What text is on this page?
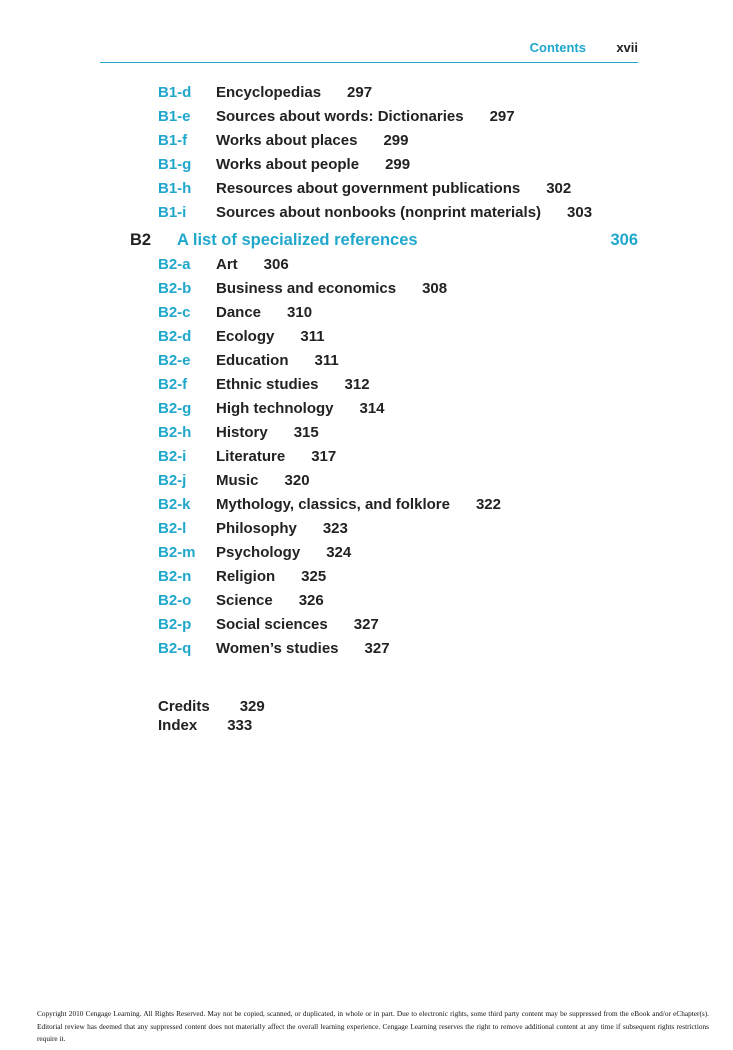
Contents xvii
B1-d Encyclopedias 297
B1-e Sources about words: Dictionaries 297
B1-f Works about places 299
B1-g Works about people 299
B1-h Resources about government publications 302
B1-i Sources about nonbooks (nonprint materials) 303
B2 A list of specialized references	306
B2-a Art 306
B2-b Business and economics 308
B2-c Dance 310
B2-d Ecology 311
B2-e Education 311
B2-f Ethnic studies 312
B2-g High technology 314
B2-h History 315
B2-i Literature 317
B2-j Music 320
B2-k Mythology, classics, and folklore 322
B2-l Philosophy 323
B2-m Psychology 324
B2-n Religion 325
B2-o Science 326
B2-p Social sciences 327
B2-q Women’s studies 327
Credits 329
Index 333
Copyright 2010 Cengage Learning. All Rights Reserved. May not be copied, scanned, or duplicated, in whole or in part. Due to electronic rights, some third party content may be suppressed from the eBook and/or eChapter(s). Editorial review has deemed that any suppressed content does not materially affect the overall learning experience. Cengage Learning reserves the right to remove additional content at any time if subsequent rights restrictions require it.
